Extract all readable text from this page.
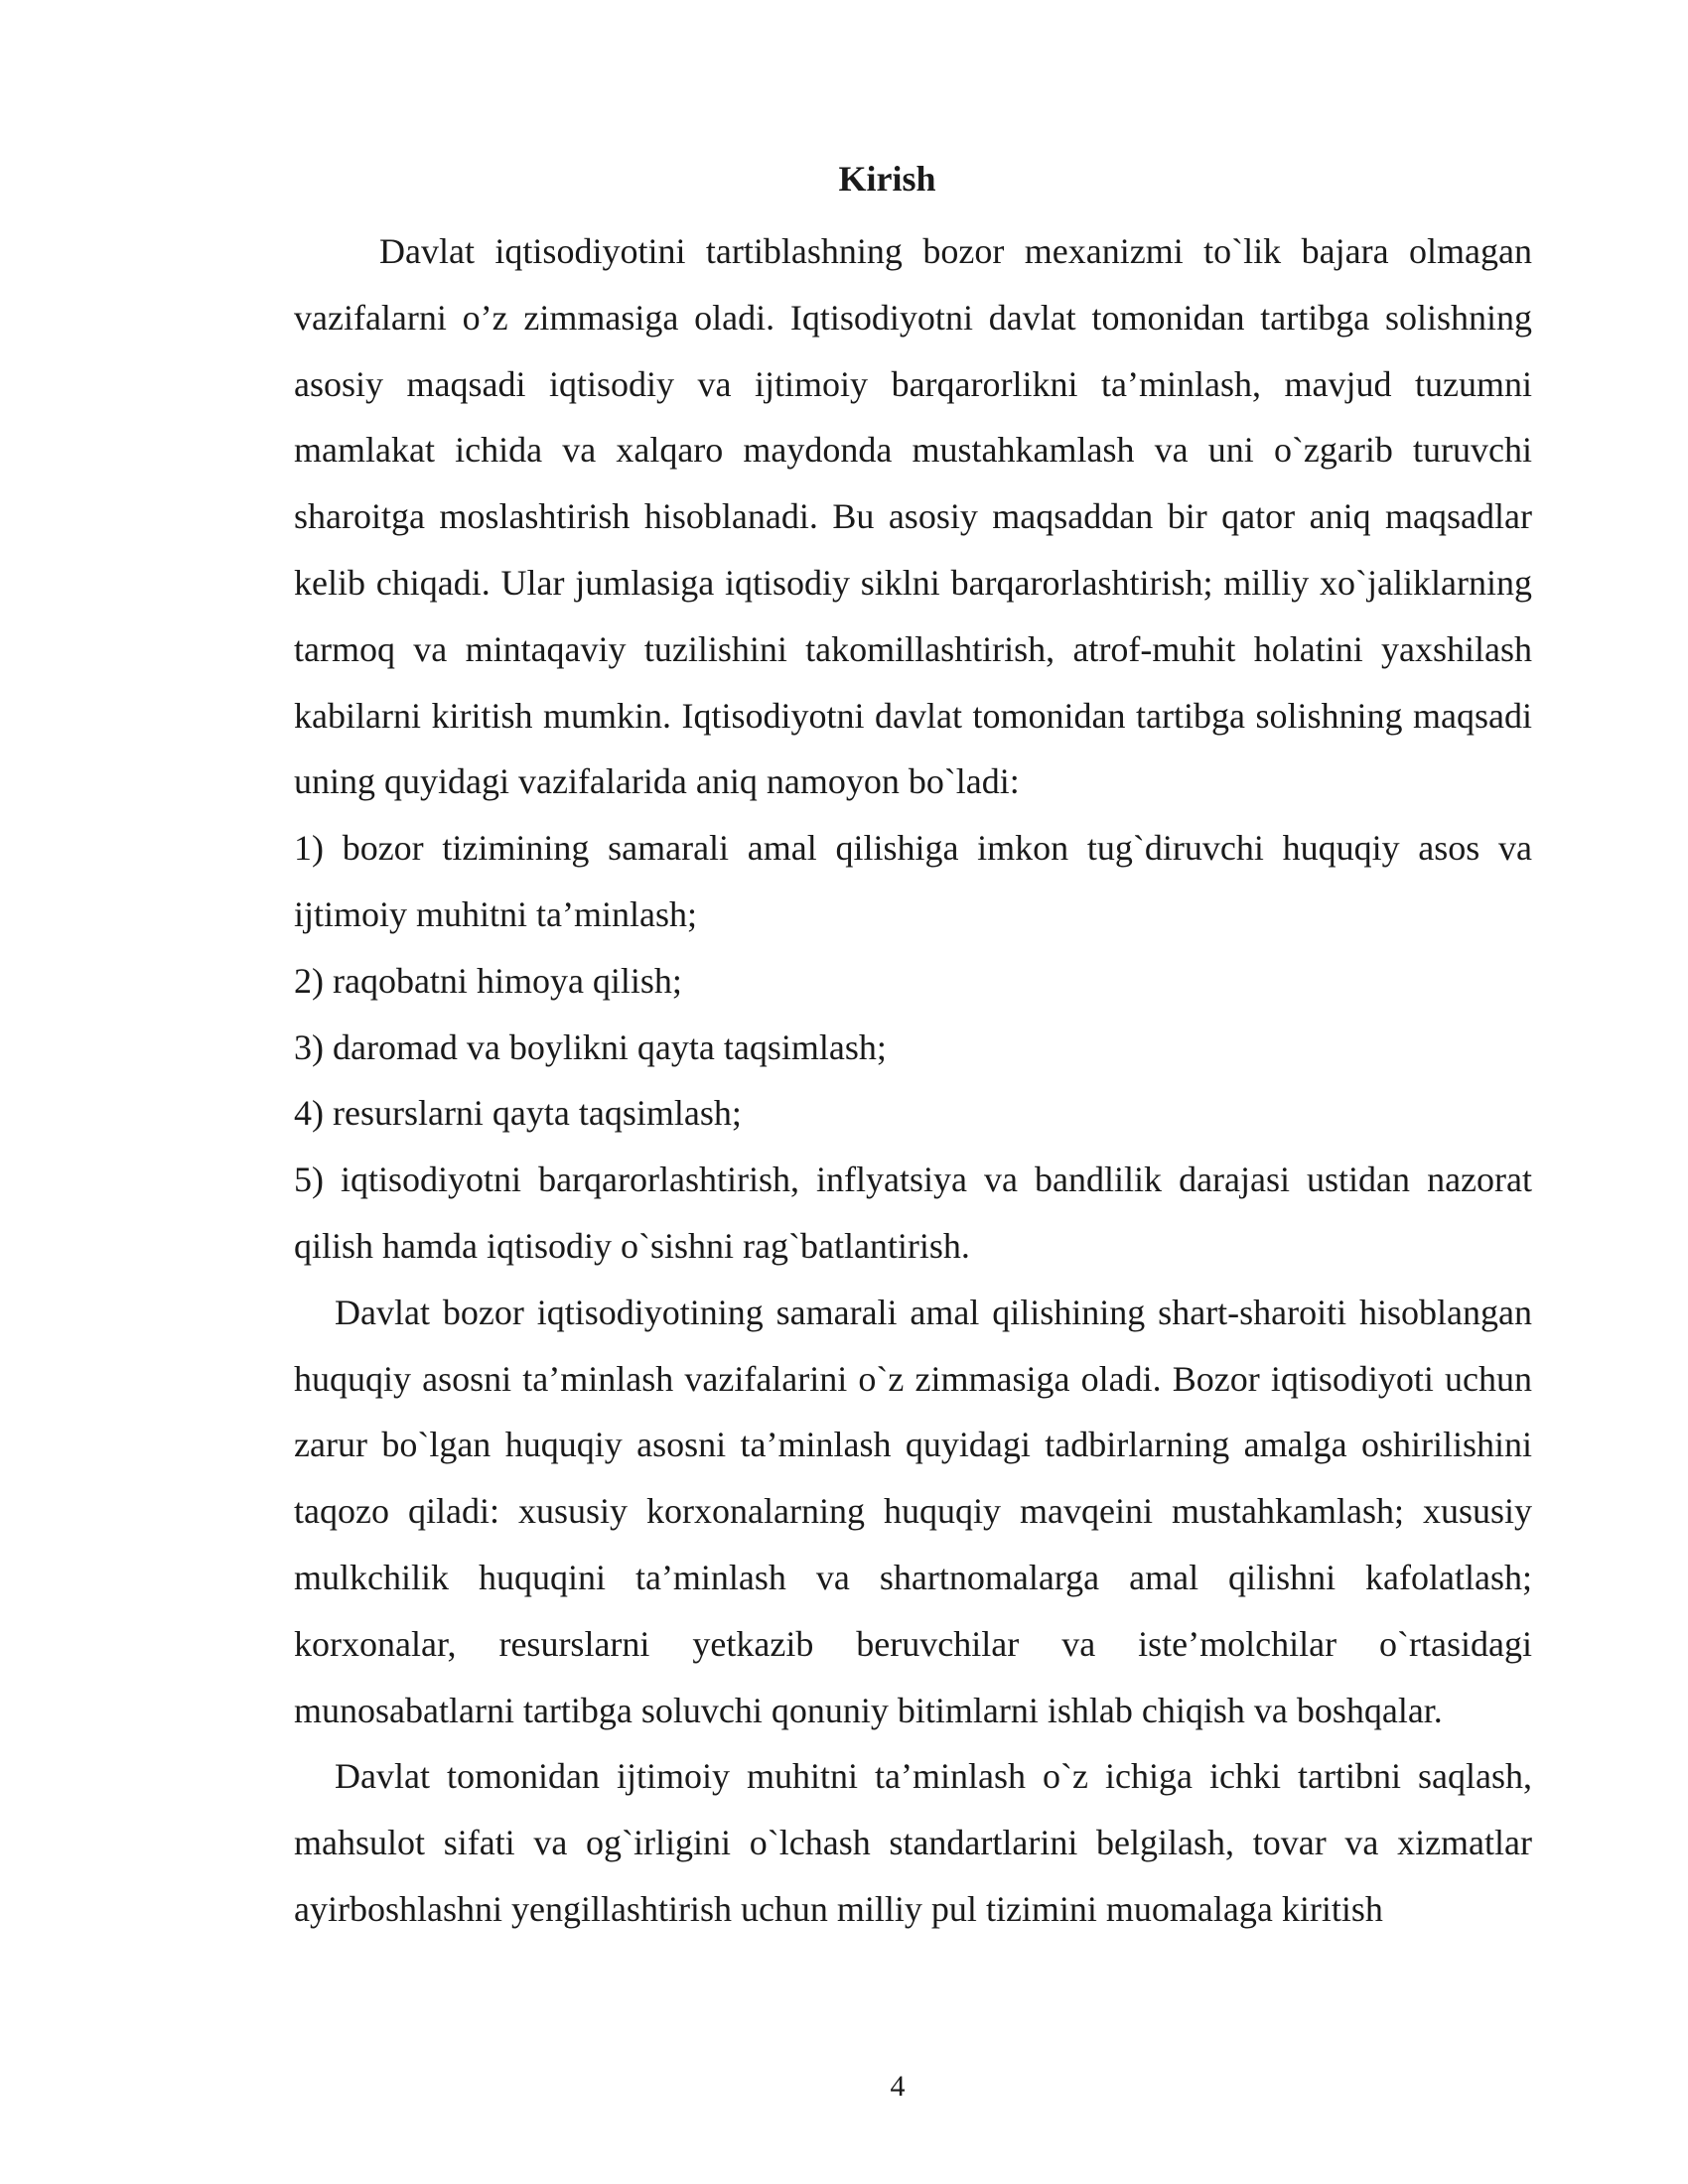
Kirish

Davlat iqtisodiyotini tartiblashning bozor mexanizmi to`lik bajara olmagan vazifalarni o’z zimmasiga oladi. Iqtisodiyotni davlat tomonidan tartibga solishning asosiy maqsadi iqtisodiy va ijtimoiy barqarorlikni ta’minlash, mavjud tuzumni mamlakat ichida va xalqaro maydonda mustahkamlash va uni o`zgarib turuvchi sharoitga moslashtirish hisoblanadi. Bu asosiy maqsaddan bir qator aniq maqsadlar kelib chiqadi. Ular jumlasiga iqtisodiy siklni barqarorlashtirish; milliy xo`jaliklarning tarmoq va mintaqaviy tuzilishini takomillashtirish, atrof-muhit holatini yaxshilash kabilarni kiritish mumkin. Iqtisodiyotni davlat tomonidan tartibga solishning maqsadi uning quyidagi vazifalarida aniq namoyon bo`ladi:

1) bozor tizimining samarali amal qilishiga imkon tug`diruvchi huquqiy asos va ijtimoiy muhitni ta’minlash;

2) raqobatni himoya qilish;

3) daromad va boylikni qayta taqsimlash;

4) resurslarni qayta taqsimlash;

5) iqtisodiyotni barqarorlashtirish, inflyatsiya va bandlilik darajasi ustidan nazorat qilish hamda iqtisodiy o`sishni rag`batlantirish.

Davlat bozor iqtisodiyotining samarali amal qilishining shart-sharoiti hisoblangan huquqiy asosni ta’minlash vazifalarini o`z zimmasiga oladi. Bozor iqtisodiyoti uchun zarur bo`lgan huquqiy asosni ta’minlash quyidagi tadbirlarning amalga oshirilishini taqozo qiladi: xususiy korxonalarning huquqiy mavqeini mustahkamlash; xususiy mulkchilik huquqini ta’minlash va shartnomalarga amal qilishni kafolatlash; korxonalar, resurslarni yetkazib beruvchilar va iste’molchilar o`rtasidagi munosabatlarni tartibga soluvchi qonuniy bitimlarni ishlab chiqish va boshqalar.

Davlat tomonidan ijtimoiy muhitni ta’minlash o`z ichiga ichki tartibni saqlash, mahsulot sifati va og`irligini o`lchash standartlarini belgilash, tovar va xizmatlar ayirboshlashni yengillashtirish uchun milliy pul tizimini muomalaga kiritish

4
